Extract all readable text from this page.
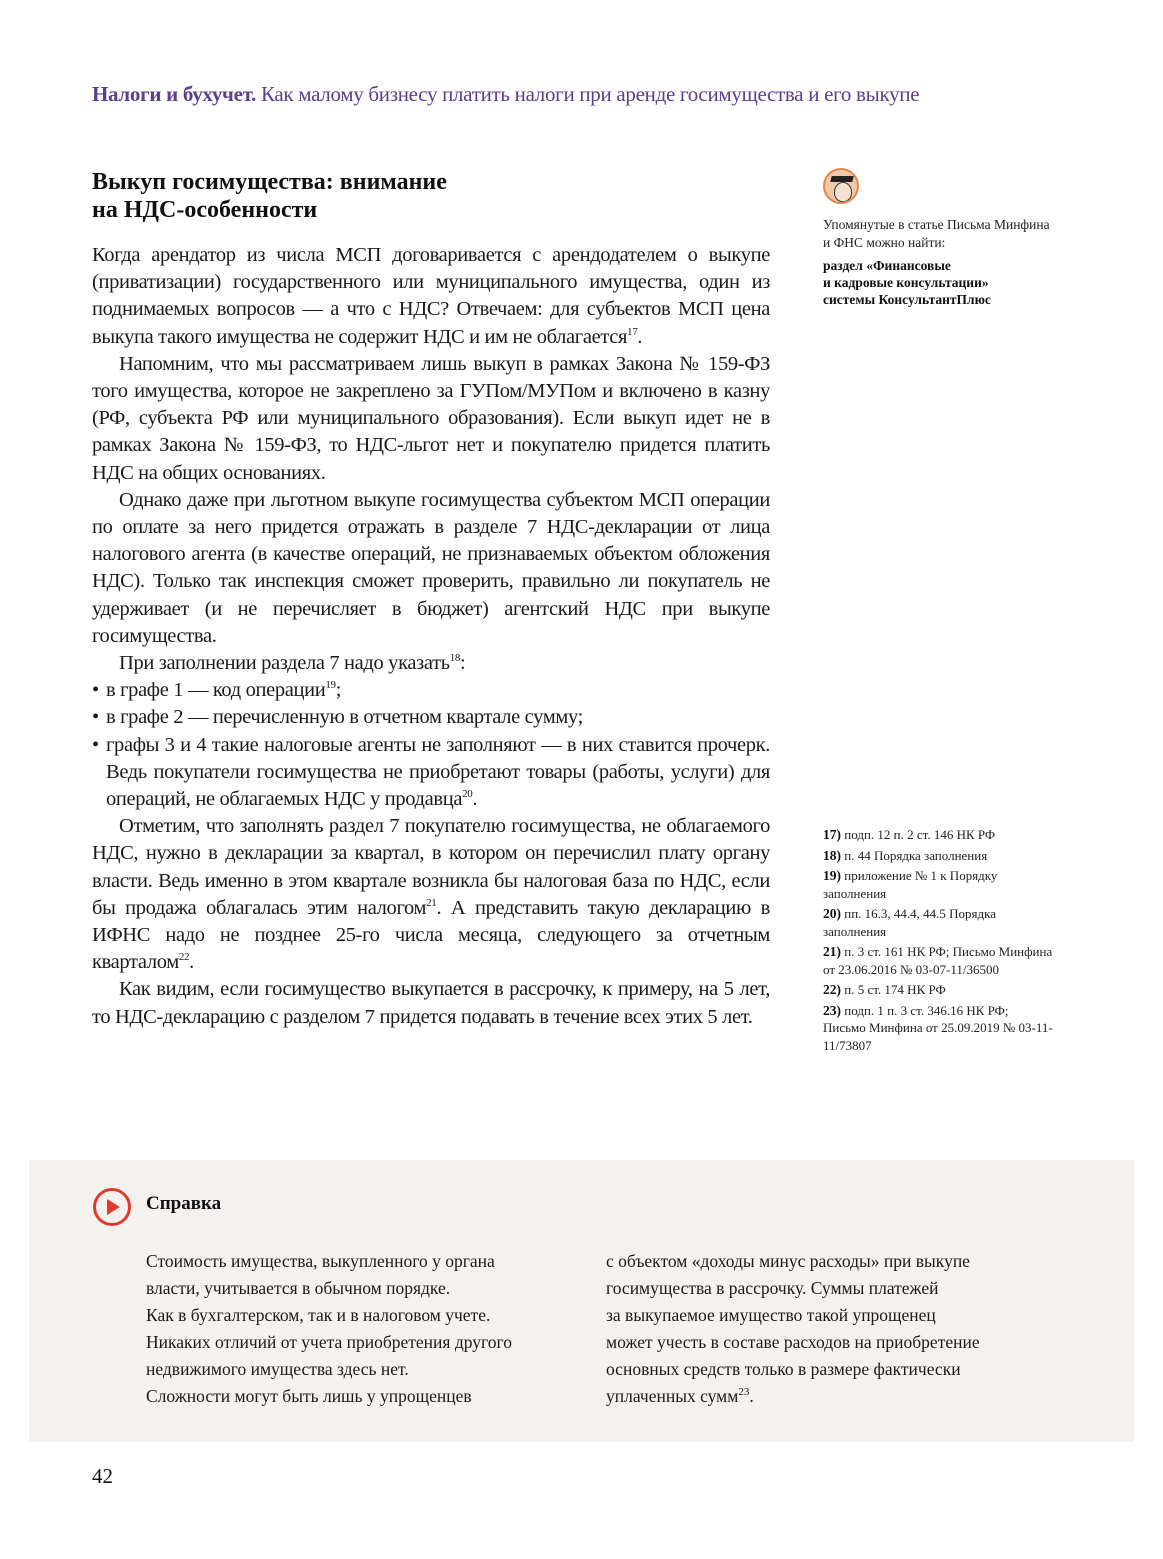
Налоги и бухучет. Как малому бизнесу платить налоги при аренде госимущества и его выкупе
Выкуп госимущества: внимание
на НДС-особенности

Когда арендатор из числа МСП договаривается с арендодателем о выкупе (приватизации) государственного или муниципального имущества, один из поднимаемых вопросов — а что с НДС? Отвечаем: для субъектов МСП цена выкупа такого имущества не содержит НДС и им не облагается$^{17}$.

Напомним, что мы рассматриваем лишь выкуп в рамках Закона № 159-ФЗ того имущества, которое не закреплено за ГУПом/МУПом и включено в казну (РФ, субъекта РФ или муниципального образования). Если выкуп идет не в рамках Закона № 159-ФЗ, то НДС-льгот нет и покупателю придется платить НДС на общих основаниях.

Однако даже при льготном выкупе госимущества субъектом МСП операции по оплате за него придется отражать в разделе 7 НДС-декларации от лица налогового агента (в качестве операций, не признаваемых объектом обложения НДС). Только так инспекция сможет проверить, правильно ли покупатель не удерживает (и не перечисляет в бюджет) агентский НДС при выкупе госимущества.

При заполнении раздела 7 надо указать$^{18}$:

• в графе 1 — код операции$^{19}$;
• в графе 2 — перечисленную в отчетном квартале сумму;
• графы 3 и 4 такие налоговые агенты не заполняют — в них ставится прочерк. Ведь покупатели госимущества не приобретают товары (работы, услуги) для операций, не облагаемых НДС у продавца$^{20}$.

Отметим, что заполнять раздел 7 покупателю госимущества, не облагаемого НДС, нужно в декларации за квартал, в котором он перечислил плату органу власти. Ведь именно в этом квартале возникла бы налоговая база по НДС, если бы продажа облагалась этим налогом$^{21}$. А представить такую декларацию в ИФНС надо не позднее 25-го числа месяца, следующего за отчетным кварталом$^{22}$.

Как видим, если госимущество выкупается в рассрочку, к примеру, на 5 лет, то НДС-декларацию с разделом 7 придется подавать в течение всех этих 5 лет.

Упомянутые в статье Письма Минфина и ФНС можно найти:
раздел «Финансовые
и кадровые консультации»
системы КонсультантПлюс
17) подп. 12 п. 2 ст. 146 НК РФ
18) п. 44 Порядка заполнения
19) приложение № 1 к Порядку заполнения
20) пп. 16.3, 44.4, 44.5 Порядка заполнения
21) п. 3 ст. 161 НК РФ; Письмо Минфина от 23.06.2016 № 03-07-11/36500
22) п. 5 ст. 174 НК РФ
23) подп. 1 п. 3 ст. 346.16 НК РФ; Письмо Минфина от 25.09.2019 № 03-11-11/73807
Справка
Стоимость имущества, выкупленного у органа
власти, учитывается в обычном порядке.
Как в бухгалтерском, так и в налоговом учете.
Никаких отличий от учета приобретения другого
недвижимого имущества здесь нет.
Сложности могут быть лишь у упрощенцев
с объектом «доходы минус расходы» при выкупе
госимущества в рассрочку. Суммы платежей
за выкупаемое имущество такой упрощенец
может учесть в составе расходов на приобретение
основных средств только в размере фактически
уплаченных сумм$^{23}$.
42
